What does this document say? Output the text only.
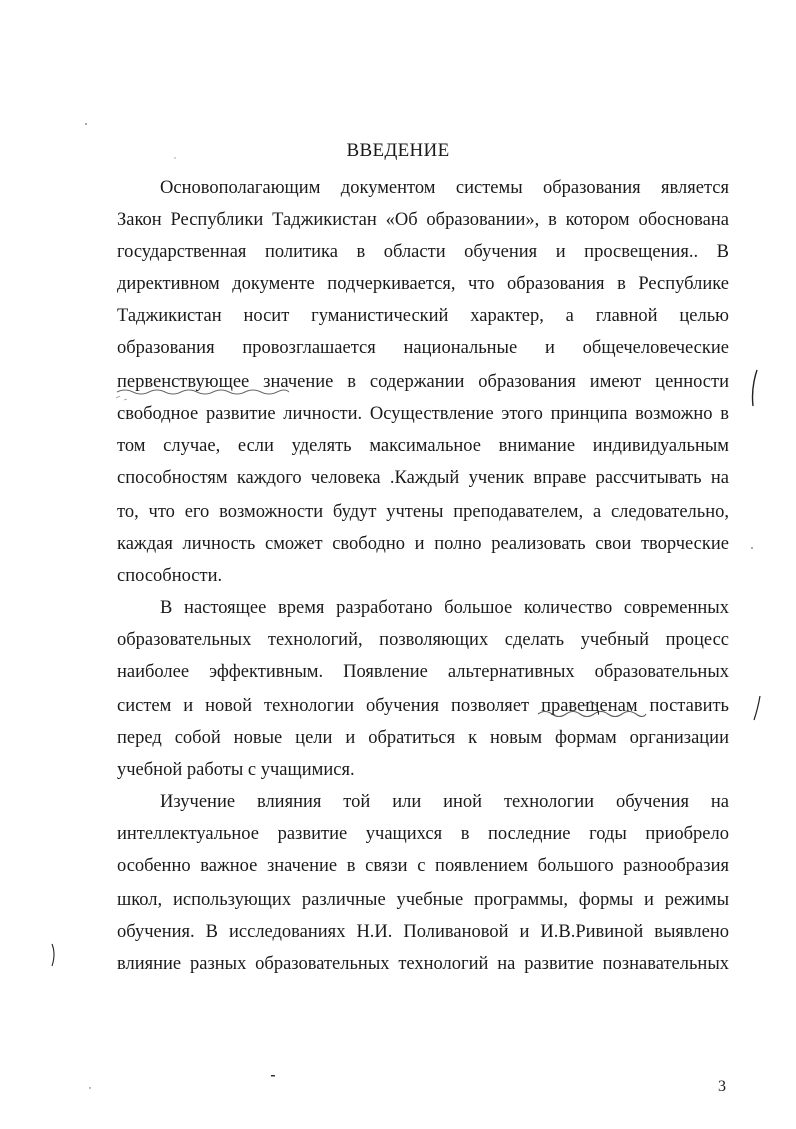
ВВЕДЕНИЕ
Основополагающим документом системы образования является
Закон Республики Таджикистан «Об образовании», в котором обоснована
государственная политика в области обучения и просвещения.. В
директивном документе подчеркивается, что образования в Республике
Таджикистан носит гуманистический характер, а главной целью
образования провозглашается национальные и общечеловеческие
первенствующее значение в содержании образования имеют ценности
свободное развитие личности. Осуществление этого принципа возможно в
том случае, если уделять максимальное внимание индивидуальным
способностям каждого человека .Каждый ученик вправе рассчитывать на
то, что его возможности будут учтены преподавателем, а следовательно,
каждая личность сможет свободно и полно реализовать свои творческие
способности.
В настоящее время разработано большое количество современных
образовательных технологий, позволяющих сделать учебный процесс
наиболее эффективным. Появление альтернативных образовательных
систем и новой технологии обучения позволяет правещенам поставить
перед собой новые цели и обратиться к новым формам организации
учебной работы с учащимися.
Изучение влияния той или иной технологии обучения на
интеллектуальное развитие учащихся в последние годы приобрело
особенно важное значение в связи с появлением большого разнообразия
школ, использующих различные учебные программы, формы и режимы
обучения. В исследованиях Н.И. Поливановой и И.В.Ривиной выявлено
влияние разных образовательных технологий на развитие познавательных
3
